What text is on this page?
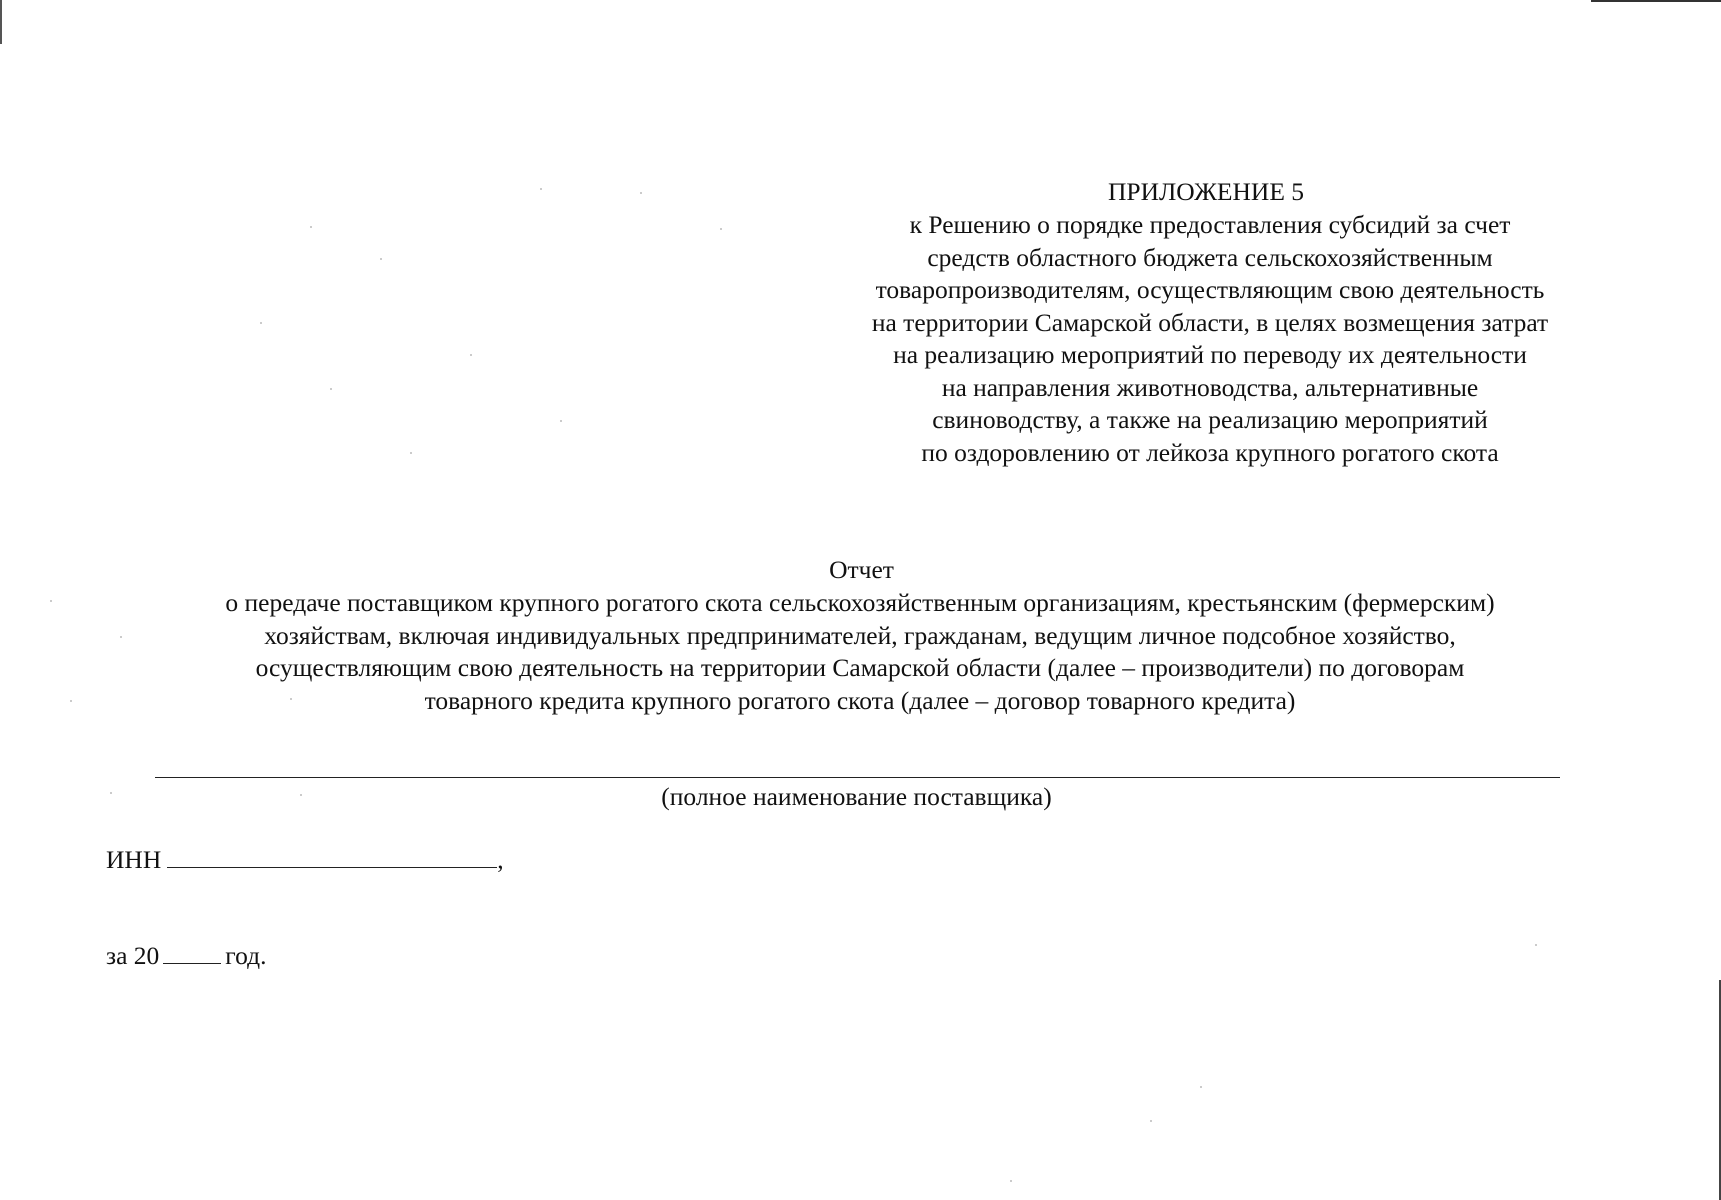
ПРИЛОЖЕНИЕ 5
к Решению о порядке предоставления субсидий за счет
средств областного бюджета сельскохозяйственным
товаропроизводителям, осуществляющим свою деятельность
на территории Самарской области, в целях возмещения затрат
на реализацию мероприятий по переводу их деятельности
на направления животноводства, альтернативные
свиноводству, а также на реализацию мероприятий
по оздоровлению от лейкоза крупного рогатого скота
Отчет
о передаче поставщиком крупного рогатого скота сельскохозяйственным организациям, крестьянским (фермерским)
хозяйствам, включая индивидуальных предпринимателей, гражданам, ведущим личное подсобное хозяйство,
осуществляющим свою деятельность на территории Самарской области (далее – производители) по договорам
товарного кредита крупного рогатого скота (далее – договор товарного кредита)
(полное наименование поставщика)
ИНН	,
за 20	год.
